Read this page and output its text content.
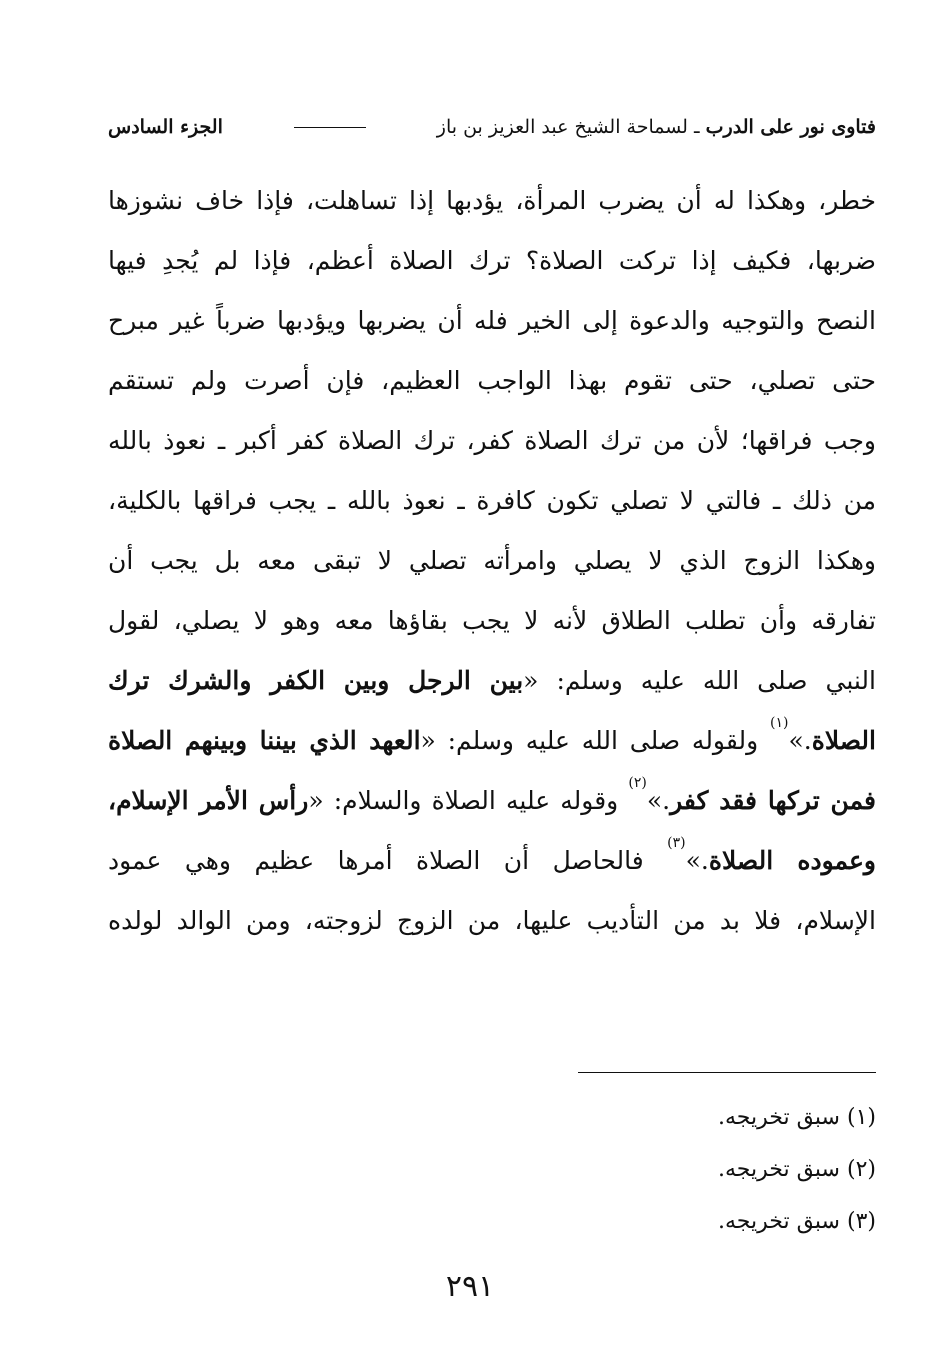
فتاوى نور على الدرب ـ لسماحة الشيخ عبد العزيز بن باز
الجزء السادس
خطر، وهكذا له أن يضرب المرأة، يؤدبها إذا تساهلت، فإذا خاف نشوزها
ضربها، فكيف إذا تركت الصلاة؟ ترك الصلاة أعظم، فإذا لم يُجدِ فيها
النصح والتوجيه والدعوة إلى الخير فله أن يضربها ويؤدبها ضرباً غير مبرح
حتى تصلي، حتى تقوم بهذا الواجب العظيم، فإن أصرت ولم تستقم
وجب فراقها؛ لأن من ترك الصلاة كفر، ترك الصلاة كفر أكبر ـ نعوذ بالله
من ذلك ـ فالتي لا تصلي تكون كافرة ـ نعوذ بالله ـ يجب فراقها بالكلية،
وهكذا الزوج الذي لا يصلي وامرأته تصلي لا تبقى معه بل يجب أن
تفارقه وأن تطلب الطلاق لأنه لا يجب بقاؤها معه وهو لا يصلي، لقول
النبي صلى الله عليه وسلم: «بين الرجل وبين الكفر والشرك ترك
الصلاة.»$^{(١)}$ ولقوله صلى الله عليه وسلم: «العهد الذي بيننا وبينهم الصلاة
فمن تركها فقد كفر.»$^{(٢)}$ وقوله عليه الصلاة والسلام: «رأس الأمر الإسلام،
وعموده الصلاة.»$^{(٣)}$ فالحاصل أن الصلاة أمرها عظيم وهي عمود
الإسلام، فلا بد من التأديب عليها، من الزوج لزوجته، ومن الوالد لولده
(١) سبق تخريجه.
(٢) سبق تخريجه.
(٣) سبق تخريجه.
٢٩١
